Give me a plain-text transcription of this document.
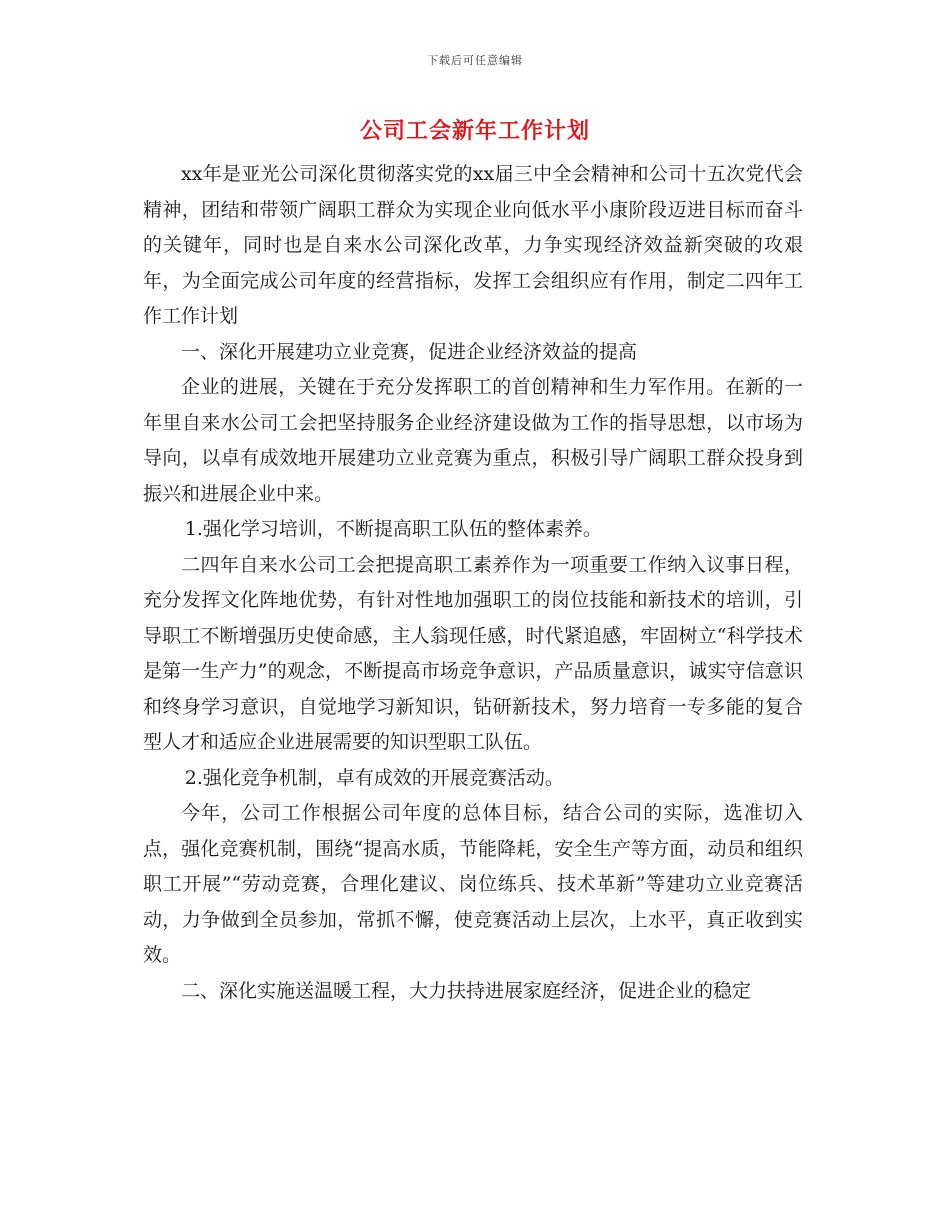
下载后可任意编辑
公司工会新年工作计划

xx年是亚光公司深化贯彻落实党的xx届三中全会精神和公司十五次党代会精神，团结和带领广阔职工群众为实现企业向低水平小康阶段迈进目标而奋斗的关键年，同时也是自来水公司深化改革，力争实现经济效益新突破的攻艰年，为全面完成公司年度的经营指标，发挥工会组织应有作用，制定二四年工作工作计划

一、深化开展建功立业竞赛，促进企业经济效益的提高

企业的进展，关键在于充分发挥职工的首创精神和生力军作用。在新的一年里自来水公司工会把坚持服务企业经济建设做为工作的指导思想，以市场为导向，以卓有成效地开展建功立业竞赛为重点，积极引导广阔职工群众投身到振兴和进展企业中来。

1.强化学习培训，不断提高职工队伍的整体素养。

二四年自来水公司工会把提高职工素养作为一项重要工作纳入议事日程，充分发挥文化阵地优势，有针对性地加强职工的岗位技能和新技术的培训，引导职工不断增强历史使命感，主人翁现任感，时代紧追感，牢固树立“科学技术是第一生产力”的观念，不断提高市场竞争意识，产品质量意识，诚实守信意识和终身学习意识，自觉地学习新知识，钻研新技术，努力培育一专多能的复合型人才和适应企业进展需要的知识型职工队伍。

2.强化竞争机制，卓有成效的开展竞赛活动。

今年，公司工作根据公司年度的总体目标，结合公司的实际，选准切入点，强化竞赛机制，围绕“提高水质，节能降耗，安全生产等方面，动员和组织职工开展”“劳动竞赛，合理化建议、岗位练兵、技术革新”等建功立业竞赛活动，力争做到全员参加，常抓不懈，使竞赛活动上层次，上水平，真正收到实效。

二、深化实施送温暖工程，大力扶持进展家庭经济，促进企业的稳定
